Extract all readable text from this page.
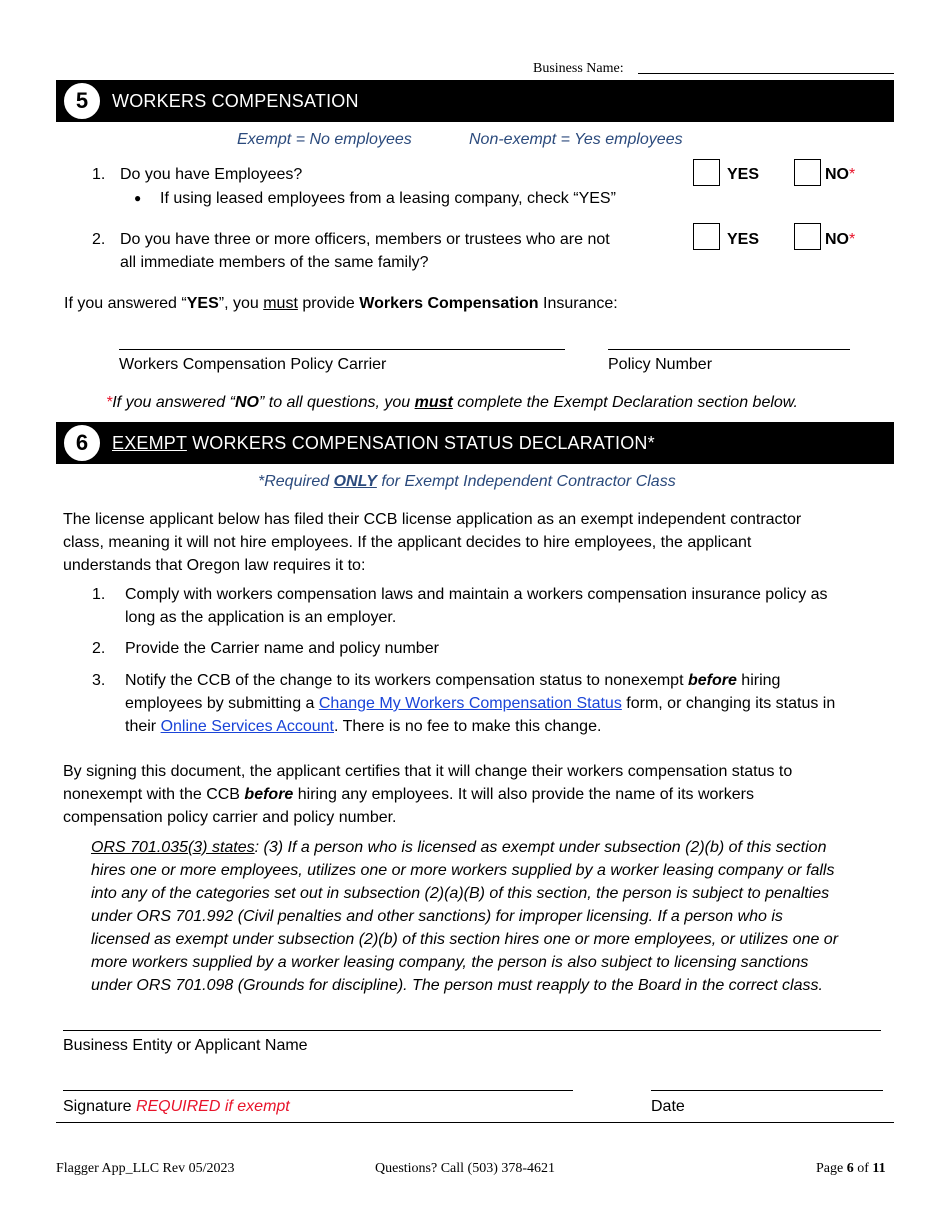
Business Name:
5	WORKERS COMPENSATION
Exempt = No employees	Non-exempt = Yes employees
1. Do you have Employees?
● If using leased employees from a leasing company, check “YES”
YES	NO*
2. Do you have three or more officers, members or trustees who are not
all immediate members of the same family?
YES	NO*
If you answered “YES”, you must provide Workers Compensation Insurance:
Workers Compensation Policy Carrier	Policy Number
*If you answered “NO” to all questions, you must complete the Exempt Declaration section below.
6	EXEMPT WORKERS COMPENSATION STATUS DECLARATION*
*Required ONLY for Exempt Independent Contractor Class
The license applicant below has filed their CCB license application as an exempt independent contractor
class, meaning it will not hire employees. If the applicant decides to hire employees, the applicant
understands that Oregon law requires it to:
1. Comply with workers compensation laws and maintain a workers compensation insurance policy as
long as the application is an employer.
2. Provide the Carrier name and policy number
3. Notify the CCB of the change to its workers compensation status to nonexempt before hiring
employees by submitting a Change My Workers Compensation Status form, or changing its status in
their Online Services Account. There is no fee to make this change.
By signing this document, the applicant certifies that it will change their workers compensation status to
nonexempt with the CCB before hiring any employees. It will also provide the name of its workers
compensation policy carrier and policy number.
ORS 701.035(3) states: (3) If a person who is licensed as exempt under subsection (2)(b) of this section
hires one or more employees, utilizes one or more workers supplied by a worker leasing company or falls
into any of the categories set out in subsection (2)(a)(B) of this section, the person is subject to penalties
under ORS 701.992 (Civil penalties and other sanctions) for improper licensing. If a person who is
licensed as exempt under subsection (2)(b) of this section hires one or more employees, or utilizes one or
more workers supplied by a worker leasing company, the person is also subject to licensing sanctions
under ORS 701.098 (Grounds for discipline). The person must reapply to the Board in the correct class.
Business Entity or Applicant Name
Signature REQUIRED if exempt	Date
Flagger App_LLC Rev 05/2023	Questions? Call (503) 378-4621	Page 6 of 11
